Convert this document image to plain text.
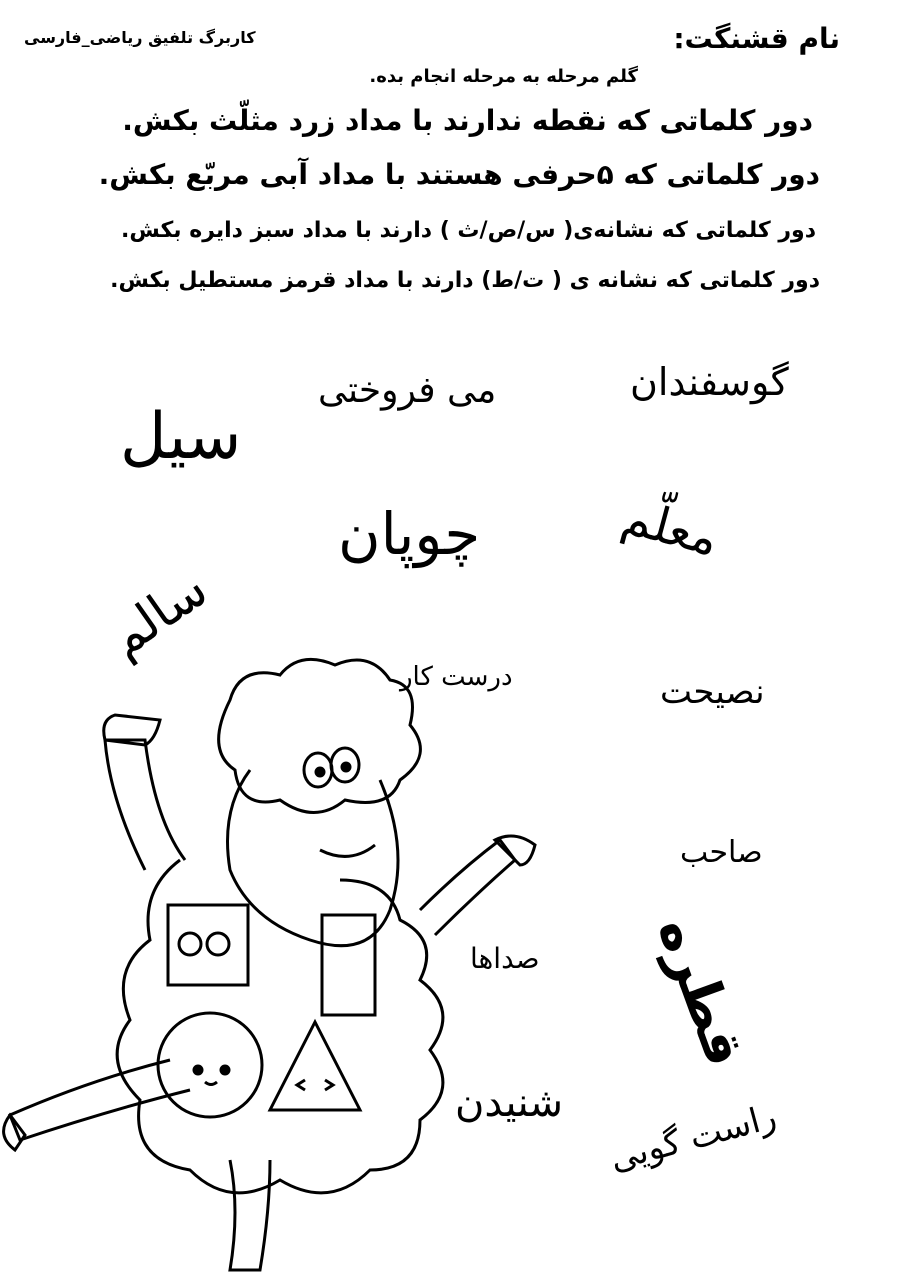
نام قشنگت:
کاربرگ تلفیق ریاضی_فارسی
گلم مرحله به مرحله انجام بده.
دور کلماتی که نقطه ندارند با مداد زرد مثلّث بکش.
دور کلماتی که ۵حرفی هستند با مداد آبی مربّع بکش.
دور کلماتی که نشانه‌ی( س/ص/ث ) دارند با مداد سبز دایره بکش.
دور کلماتی که نشانه ی ( ت/ط) دارند با مداد قرمز مستطیل بکش.
گوسفندان
می فروختی
سیل
معلّم
چوپان
سالم
درست کار	نصیحت
صاحب
صداها قطره
شنیدن راست گویی
